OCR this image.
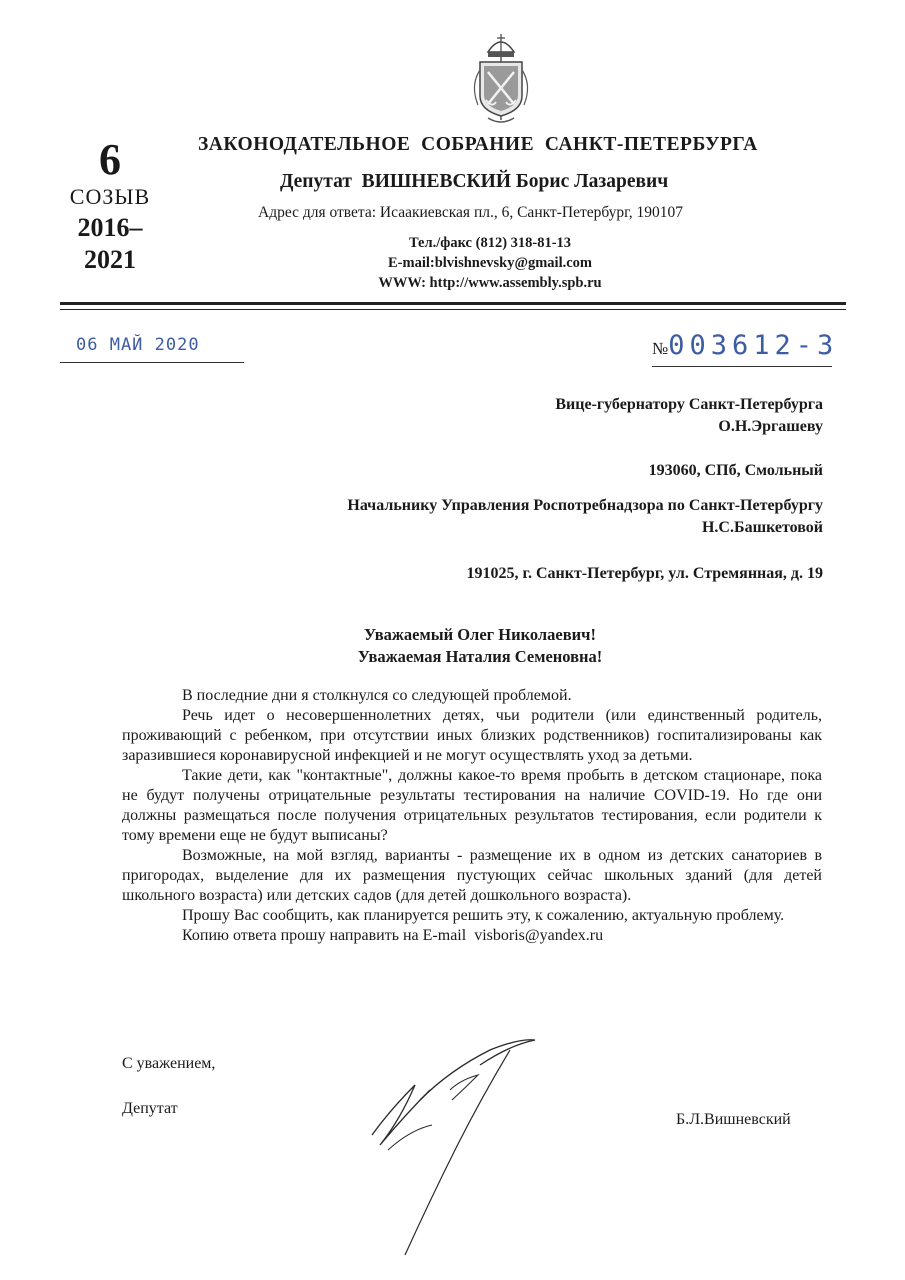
6
СОЗЫВ
2016–
2021
ЗАКОНОДАТЕЛЬНОЕ  СОБРАНИЕ  САНКТ-ПЕТЕРБУРГА
Депутат  ВИШНЕВСКИЙ Борис Лазаревич
Адрес для ответа: Исаакиевская пл., 6, Санкт-Петербург, 190107
Тел./факс (812) 318-81-13
E-mail:blvishnevsky@gmail.com
WWW: http://www.assembly.spb.ru
06 МАЙ 2020	№003612-3
Вице-губернатору Санкт-Петербурга
О.Н.Эргашеву
193060, СПб, Смольный
Начальнику Управления Роспотребнадзора по Санкт-Петербургу
Н.С.Башкетовой
191025, г. Санкт-Петербург, ул. Стремянная, д. 19
Уважаемый Олег Николаевич!
Уважаемая Наталия Семеновна!

В последние дни я столкнулся со следующей проблемой.

Речь идет о несовершеннолетних детях, чьи родители (или единственный родитель, проживающий с ребенком, при отсутствии иных близких родственников) госпитализированы как заразившиеся коронавирусной инфекцией и не могут осуществлять уход за детьми.

Такие дети, как "контактные", должны какое-то время пробыть в детском стационаре, пока не будут получены отрицательные результаты тестирования на наличие COVID-19. Но где они должны размещаться после получения отрицательных результатов тестирования, если родители к тому времени еще не будут выписаны?

Возможные, на мой взгляд, варианты - размещение их в одном из детских санаториев в пригородах, выделение для их размещения пустующих сейчас школьных зданий (для детей школьного возраста) или детских садов (для детей дошкольного возраста).

Прошу Вас сообщить, как планируется решить эту, к сожалению, актуальную проблему.

Копию ответа прошу направить на E-mail  visboris@yandex.ru

С уважением,
Депутат
Б.Л.Вишневский
